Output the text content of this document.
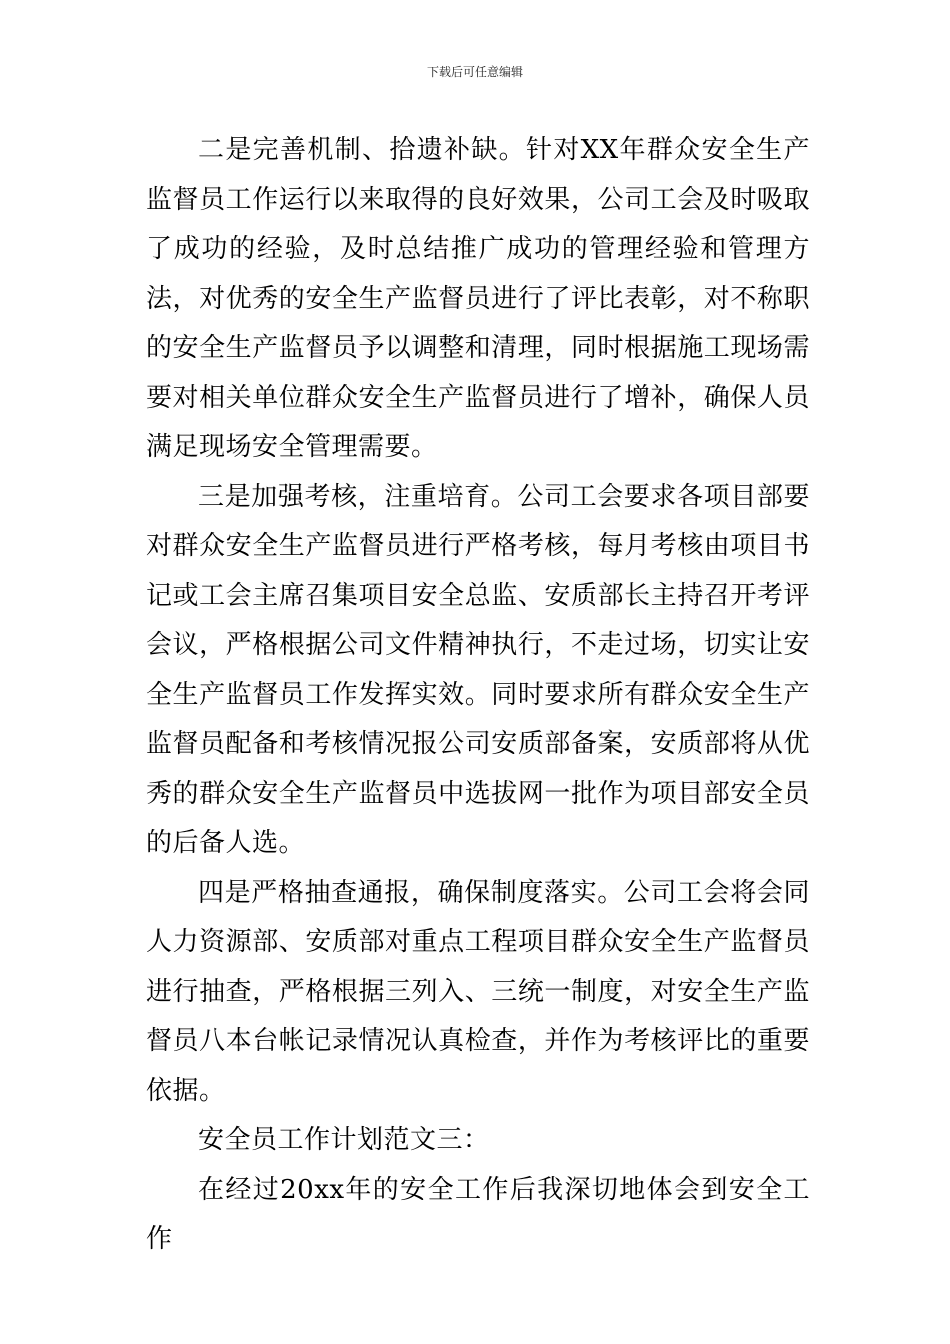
下载后可任意编辑

二是完善机制、拾遗补缺。针对XX年群众安全生产监督员工作运行以来取得的良好效果，公司工会及时吸取了成功的经验，及时总结推广成功的管理经验和管理方法，对优秀的安全生产监督员进行了评比表彰，对不称职的安全生产监督员予以调整和清理，同时根据施工现场需要对相关单位群众安全生产监督员进行了增补，确保人员满足现场安全管理需要。

三是加强考核，注重培育。公司工会要求各项目部要对群众安全生产监督员进行严格考核，每月考核由项目书记或工会主席召集项目安全总监、安质部长主持召开考评会议，严格根据公司文件精神执行，不走过场，切实让安全生产监督员工作发挥实效。同时要求所有群众安全生产监督员配备和考核情况报公司安质部备案，安质部将从优秀的群众安全生产监督员中选拔网一批作为项目部安全员的后备人选。

四是严格抽查通报，确保制度落实。公司工会将会同人力资源部、安质部对重点工程项目群众安全生产监督员进行抽查，严格根据三列入、三统一制度，对安全生产监督员八本台帐记录情况认真检查，并作为考核评比的重要依据。

安全员工作计划范文三：

在经过20xx年的安全工作后我深切地体会到安全工作
